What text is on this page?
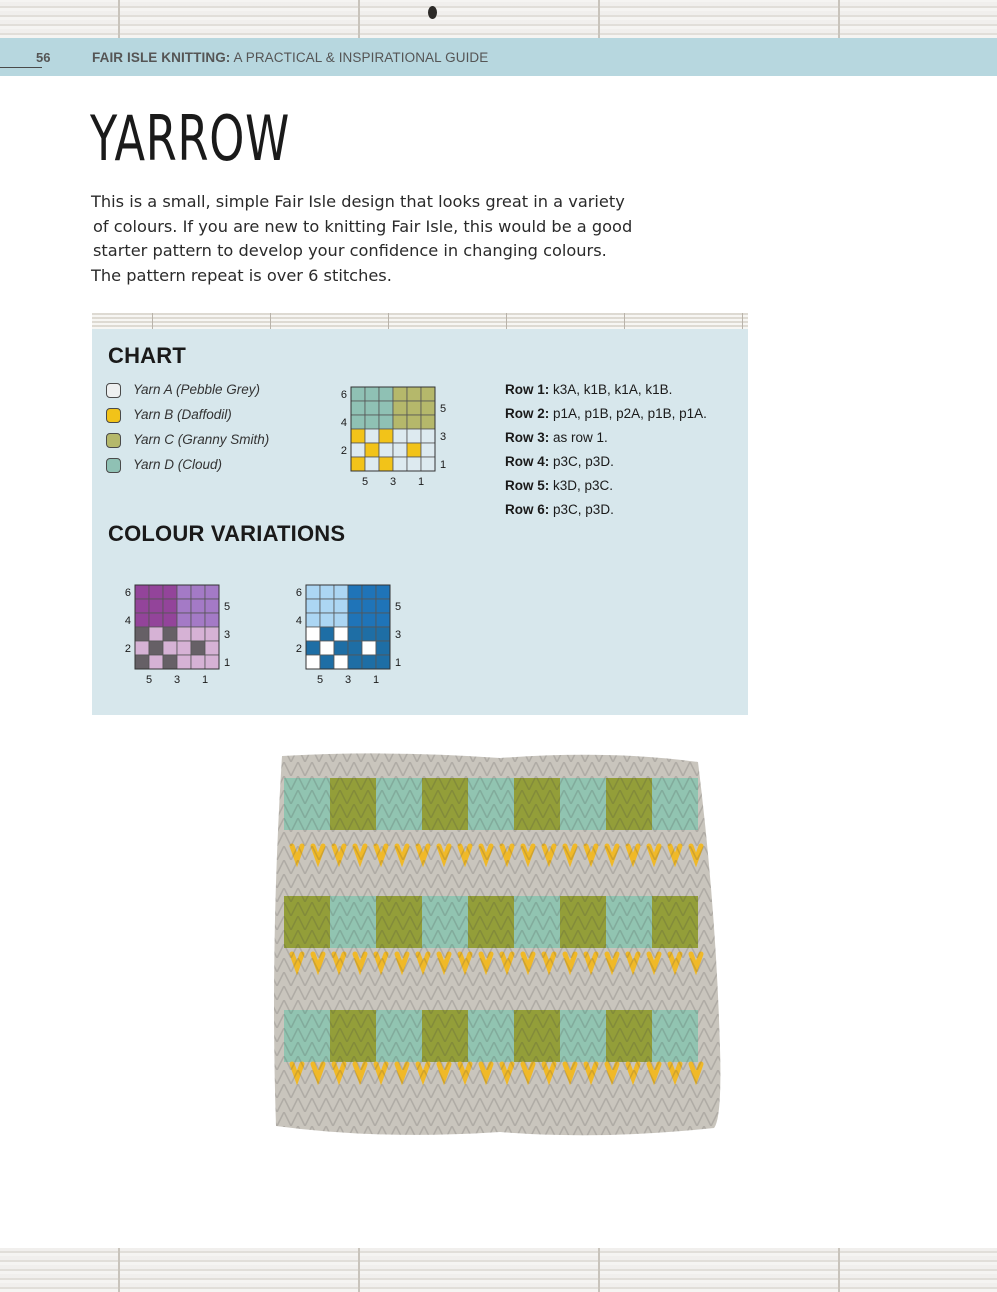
56	FAIR ISLE KNITTING: A PRACTICAL & INSPIRATIONAL GUIDE
YARROW
This is a small, simple Fair Isle design that looks great in a variety
of colours. If you are new to knitting Fair Isle, this would be a good
starter pattern to develop your confidence in changing colours.
The pattern repeat is over 6 stitches.
CHART
Yarn A (Pebble Grey)
Yarn B (Daffodil)
Yarn C (Granny Smith)
Yarn D (Cloud)
6
4
2
5
3
1
5 3 1
Row 1: k3A, k1B, k1A, k1B.
Row 2: p1A, p1B, p2A, p1B, p1A.
Row 3: as row 1.
Row 4: p3C, p3D.
Row 5: k3D, p3C.
Row 6: p3C, p3D.
COLOUR VARIATIONS
6
4
2
5
3
1
5 3 1
6
4
2
5
3
1
5 3 1
